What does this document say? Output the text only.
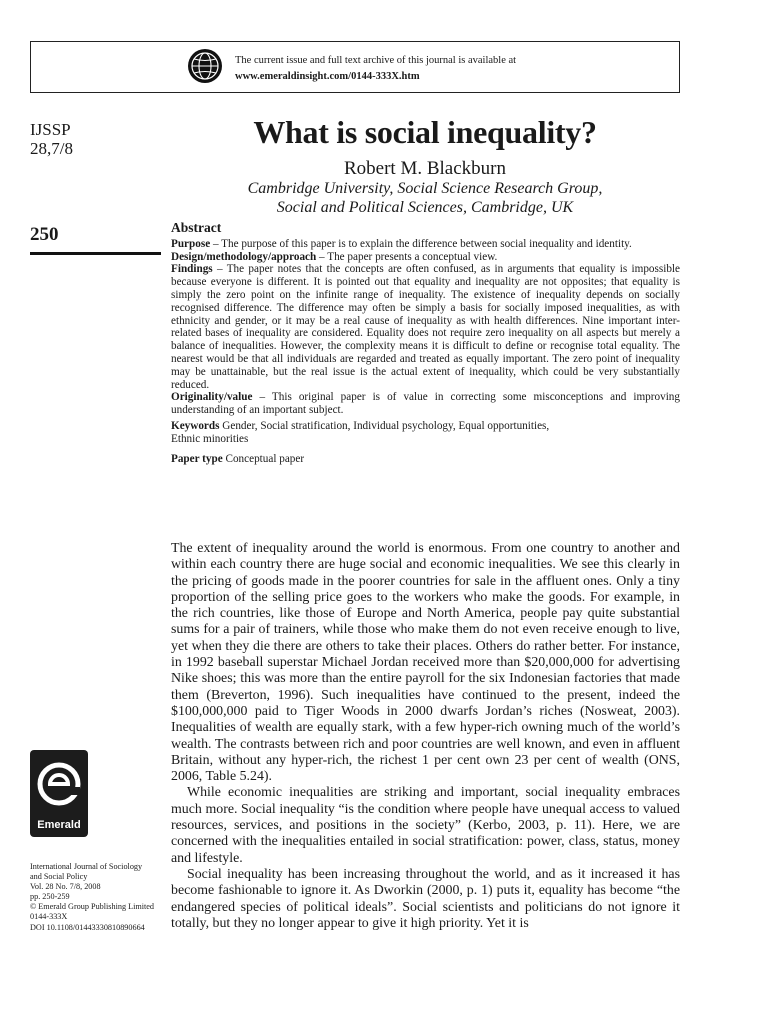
The current issue and full text archive of this journal is available at
www.emeraldinsight.com/0144-333X.htm
IJSSP
28,7/8
250
What is social inequality?
Robert M. Blackburn
Cambridge University, Social Science Research Group,
Social and Political Sciences, Cambridge, UK
Abstract

Purpose – The purpose of this paper is to explain the difference between social inequality and identity.

Design/methodology/approach – The paper presents a conceptual view.

Findings – The paper notes that the concepts are often confused, as in arguments that equality is impossible because everyone is different. It is pointed out that equality and inequality are not opposites; that equality is simply the zero point on the infinite range of inequality. The existence of inequality depends on socially recognised difference. The difference may often be simply a basis for socially imposed inequalities, as with ethnicity and gender, or it may be a real cause of inequality as with health differences. Nine important inter-related bases of inequality are considered. Equality does not require zero inequality on all aspects but merely a balance of inequalities. However, the complexity means it is difficult to define or recognise total equality. The nearest would be that all individuals are regarded and treated as equally important. The zero point of inequality may be unattainable, but the real issue is the actual extent of inequality, which could be very substantially reduced.

Originality/value – This original paper is of value in correcting some misconceptions and improving understanding of an important subject.

Keywords Gender, Social stratification, Individual psychology, Equal opportunities,
Ethnic minorities
Paper type Conceptual paper

The extent of inequality around the world is enormous. From one country to another and within each country there are huge social and economic inequalities. We see this clearly in the pricing of goods made in the poorer countries for sale in the affluent ones. Only a tiny proportion of the selling price goes to the workers who make the goods. For example, in the rich countries, like those of Europe and North America, people pay quite substantial sums for a pair of trainers, while those who make them do not even receive enough to live, yet when they die there are others to take their places. Others do rather better. For instance, in 1992 baseball superstar Michael Jordan received more than $20,000,000 for advertising Nike shoes; this was more than the entire payroll for the six Indonesian factories that made them (Breverton, 1996). Such inequalities have continued to the present, indeed the $100,000,000 paid to Tiger Woods in 2000 dwarfs Jordan’s riches (Nosweat, 2003). Inequalities of wealth are equally stark, with a few hyper-rich owning much of the world’s wealth. The contrasts between rich and poor countries are well known, and even in affluent Britain, without any hyper-rich, the richest 1 per cent own 23 per cent of wealth (ONS, 2006, Table 5.24).

While economic inequalities are striking and important, social inequality embraces much more. Social inequality “is the condition where people have unequal access to valued resources, services, and positions in the society” (Kerbo, 2003, p. 11). Here, we are concerned with the inequalities entailed in social stratification: power, class, status, money and lifestyle.

Social inequality has been increasing throughout the world, and as it increased it has become fashionable to ignore it. As Dworkin (2000, p. 1) puts it, equality has become “the endangered species of political ideals”. Social scientists and politicians do not ignore it totally, but they no longer appear to give it high priority. Yet it is

Emerald
International Journal of Sociology
and Social Policy
Vol. 28 No. 7/8, 2008
pp. 250-259
© Emerald Group Publishing Limited
0144-333X
DOI 10.1108/01443330810890664
